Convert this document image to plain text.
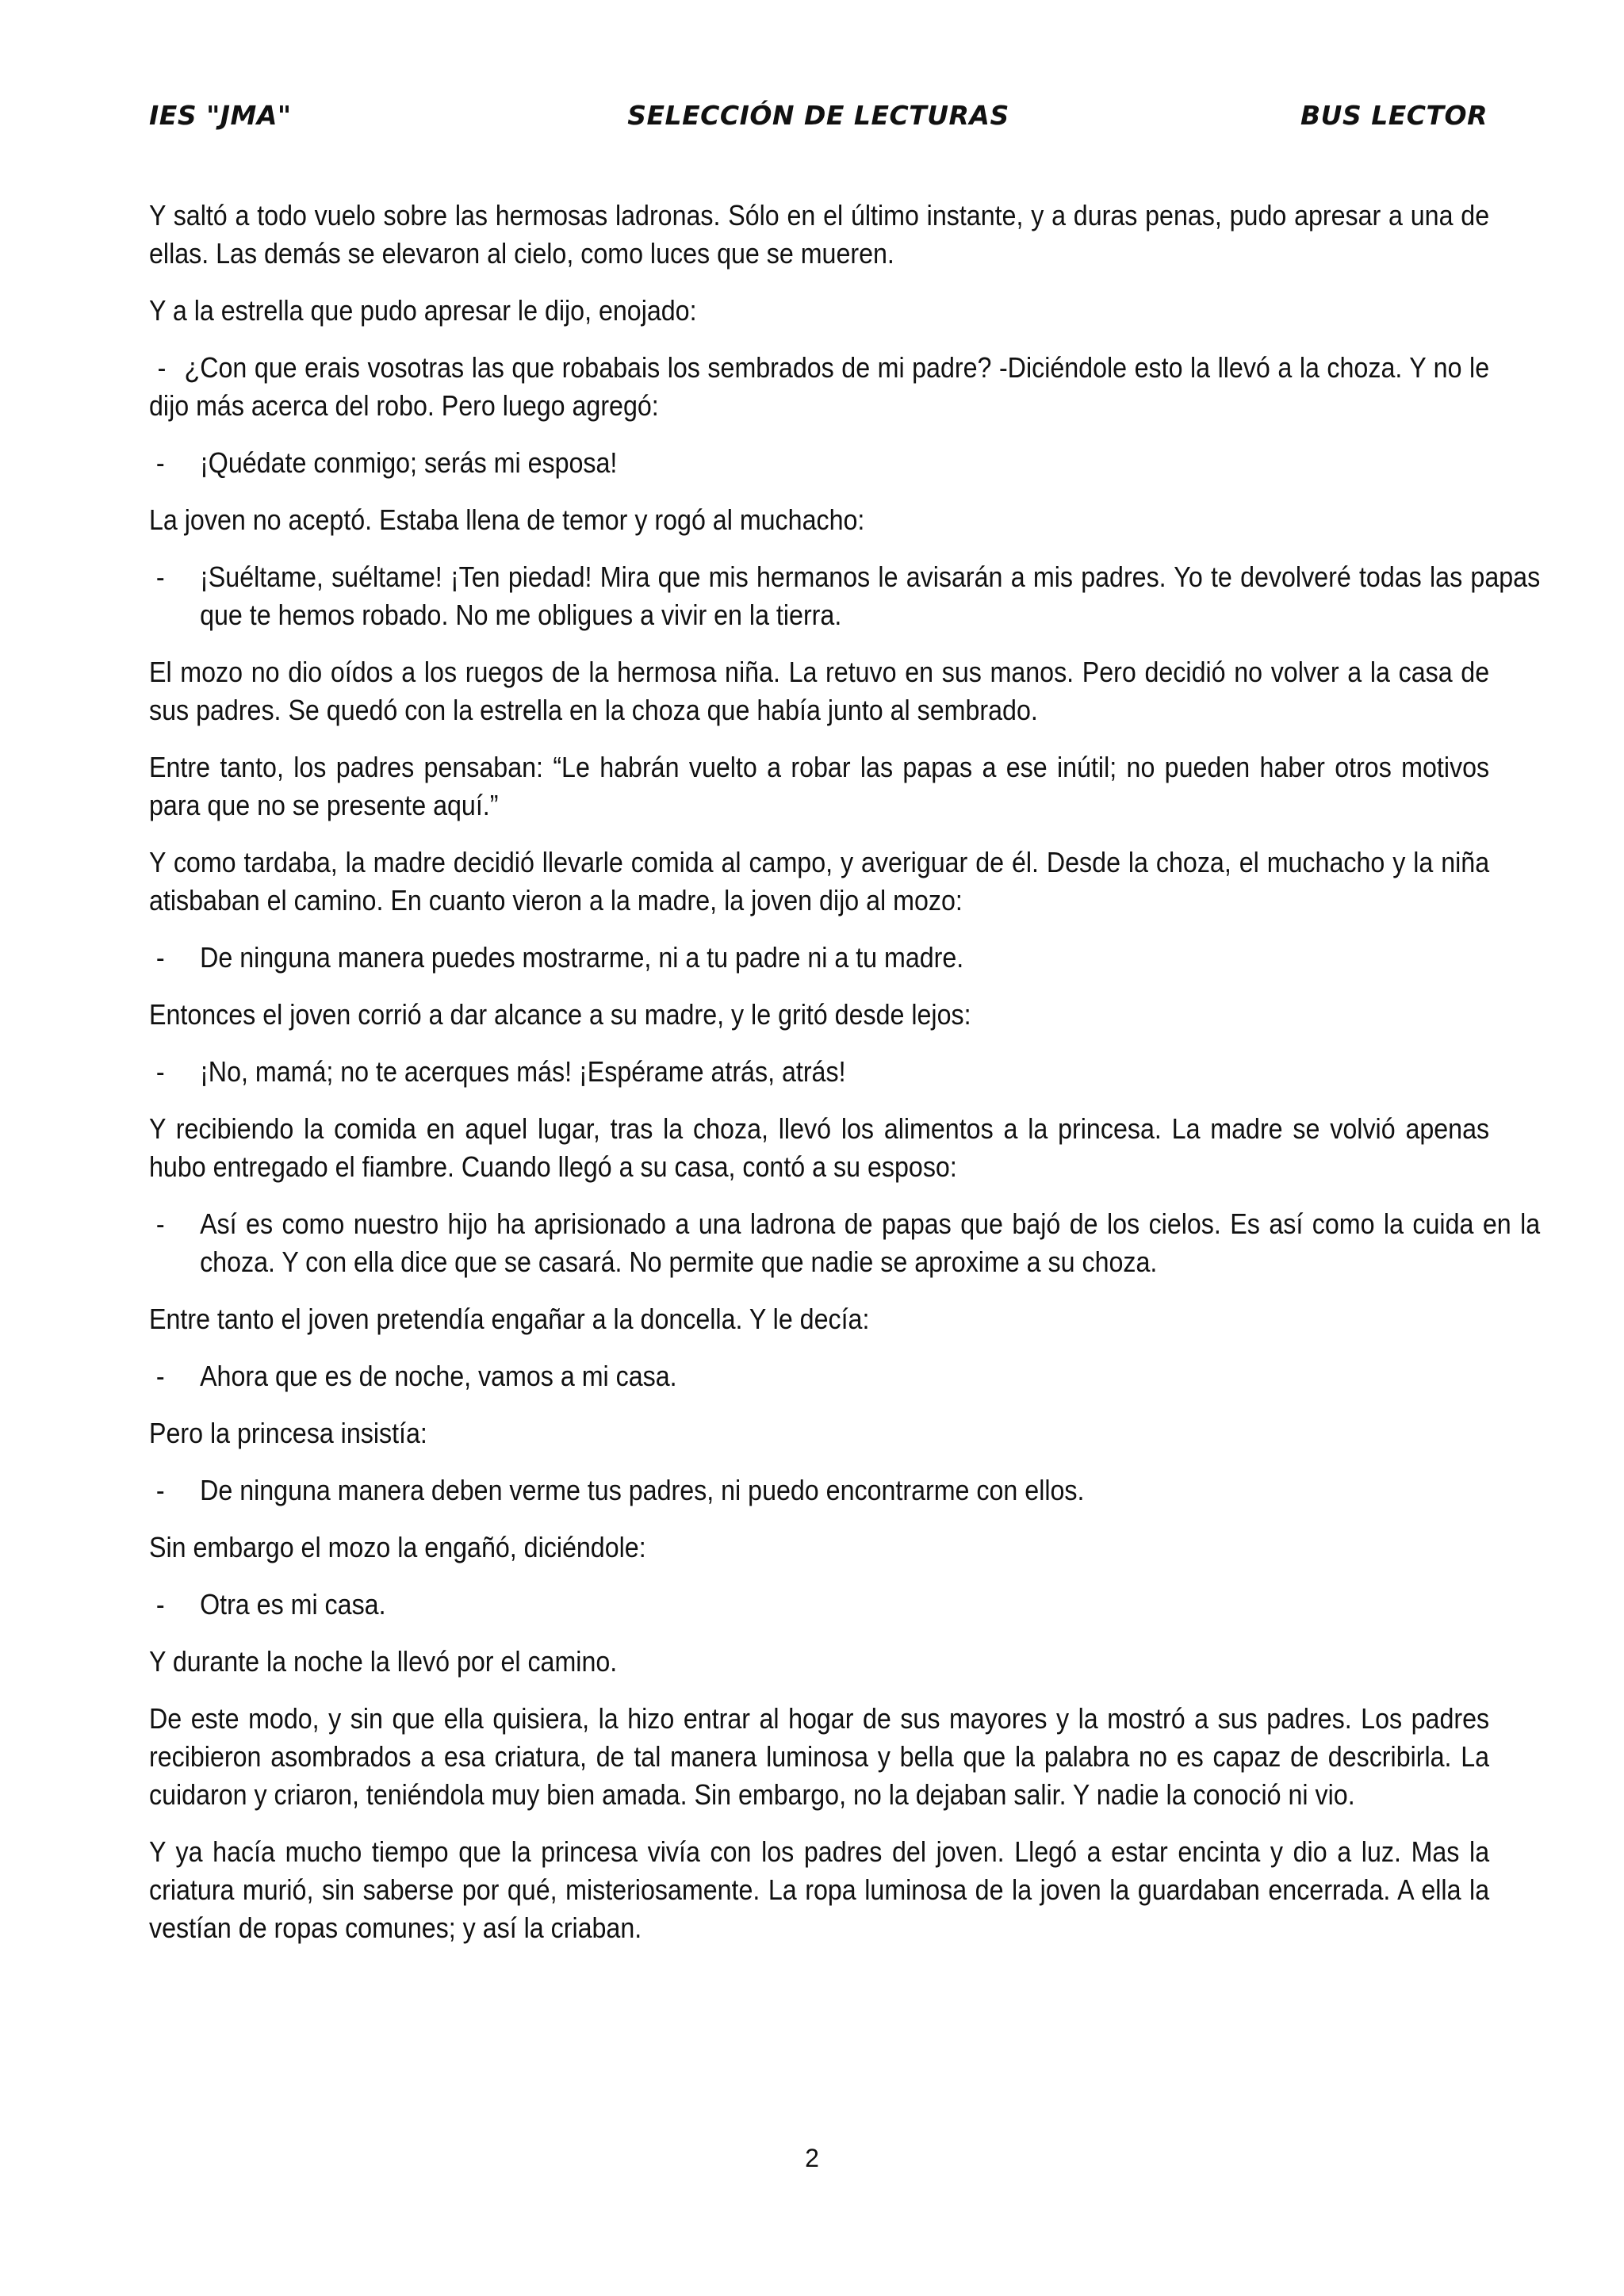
IES "JMA"	SELECCIÓN DE LECTURAS	BUS LECTOR

Y saltó a todo vuelo sobre las hermosas ladronas. Sólo en el último instante, y a duras penas, pudo apresar a una de ellas. Las demás se elevaron al cielo, como luces que se mueren.

Y a la estrella que pudo apresar le dijo, enojado:

- ¿Con que erais vosotras las que robabais los sembrados de mi padre? -Diciéndole esto la llevó a la choza. Y no le dijo más acerca del robo. Pero luego agregó:

- ¡Quédate conmigo; serás mi esposa!

La joven no aceptó. Estaba llena de temor y rogó al muchacho:

- ¡Suéltame, suéltame! ¡Ten piedad! Mira que mis hermanos le avisarán a mis padres. Yo te devolveré todas las papas que te hemos robado. No me obligues a vivir en la tierra.

El mozo no dio oídos a los ruegos de la hermosa niña. La retuvo en sus manos. Pero decidió no volver a la casa de sus padres. Se quedó con la estrella en la choza que había junto al sembrado.

Entre tanto, los padres pensaban: “Le habrán vuelto a robar las papas a ese inútil; no pueden haber otros motivos para que no se presente aquí.”

Y como tardaba, la madre decidió llevarle comida al campo, y averiguar de él. Desde la choza, el muchacho y la niña atisbaban el camino. En cuanto vieron a la madre, la joven dijo al mozo:

- De ninguna manera puedes mostrarme, ni a tu padre ni a tu madre.

Entonces el joven corrió a dar alcance a su madre, y le gritó desde lejos:

- ¡No, mamá; no te acerques más! ¡Espérame atrás, atrás!

Y recibiendo la comida en aquel lugar, tras la choza, llevó los alimentos a la princesa. La madre se volvió apenas hubo entregado el fiambre. Cuando llegó a su casa, contó a su esposo:

- Así es como nuestro hijo ha aprisionado a una ladrona de papas que bajó de los cielos. Es así como la cuida en la choza. Y con ella dice que se casará. No permite que nadie se aproxime a su choza.

Entre tanto el joven pretendía engañar a la doncella. Y le decía:

- Ahora que es de noche, vamos a mi casa.

Pero la princesa insistía:

- De ninguna manera deben verme tus padres, ni puedo encontrarme con ellos.

Sin embargo el mozo la engañó, diciéndole:

- Otra es mi casa.

Y durante la noche la llevó por el camino.

De este modo, y sin que ella quisiera, la hizo entrar al hogar de sus mayores y la mostró a sus padres. Los padres recibieron asombrados a esa criatura, de tal manera luminosa y bella que la palabra no es capaz de describirla. La cuidaron y criaron, teniéndola muy bien amada. Sin embargo, no la dejaban salir. Y nadie la conoció ni vio.

Y ya hacía mucho tiempo que la princesa vivía con los padres del joven. Llegó a estar encinta y dio a luz. Mas la criatura murió, sin saberse por qué, misteriosamente. La ropa luminosa de la joven la guardaban encerrada. A ella la vestían de ropas comunes; y así la criaban.

2
